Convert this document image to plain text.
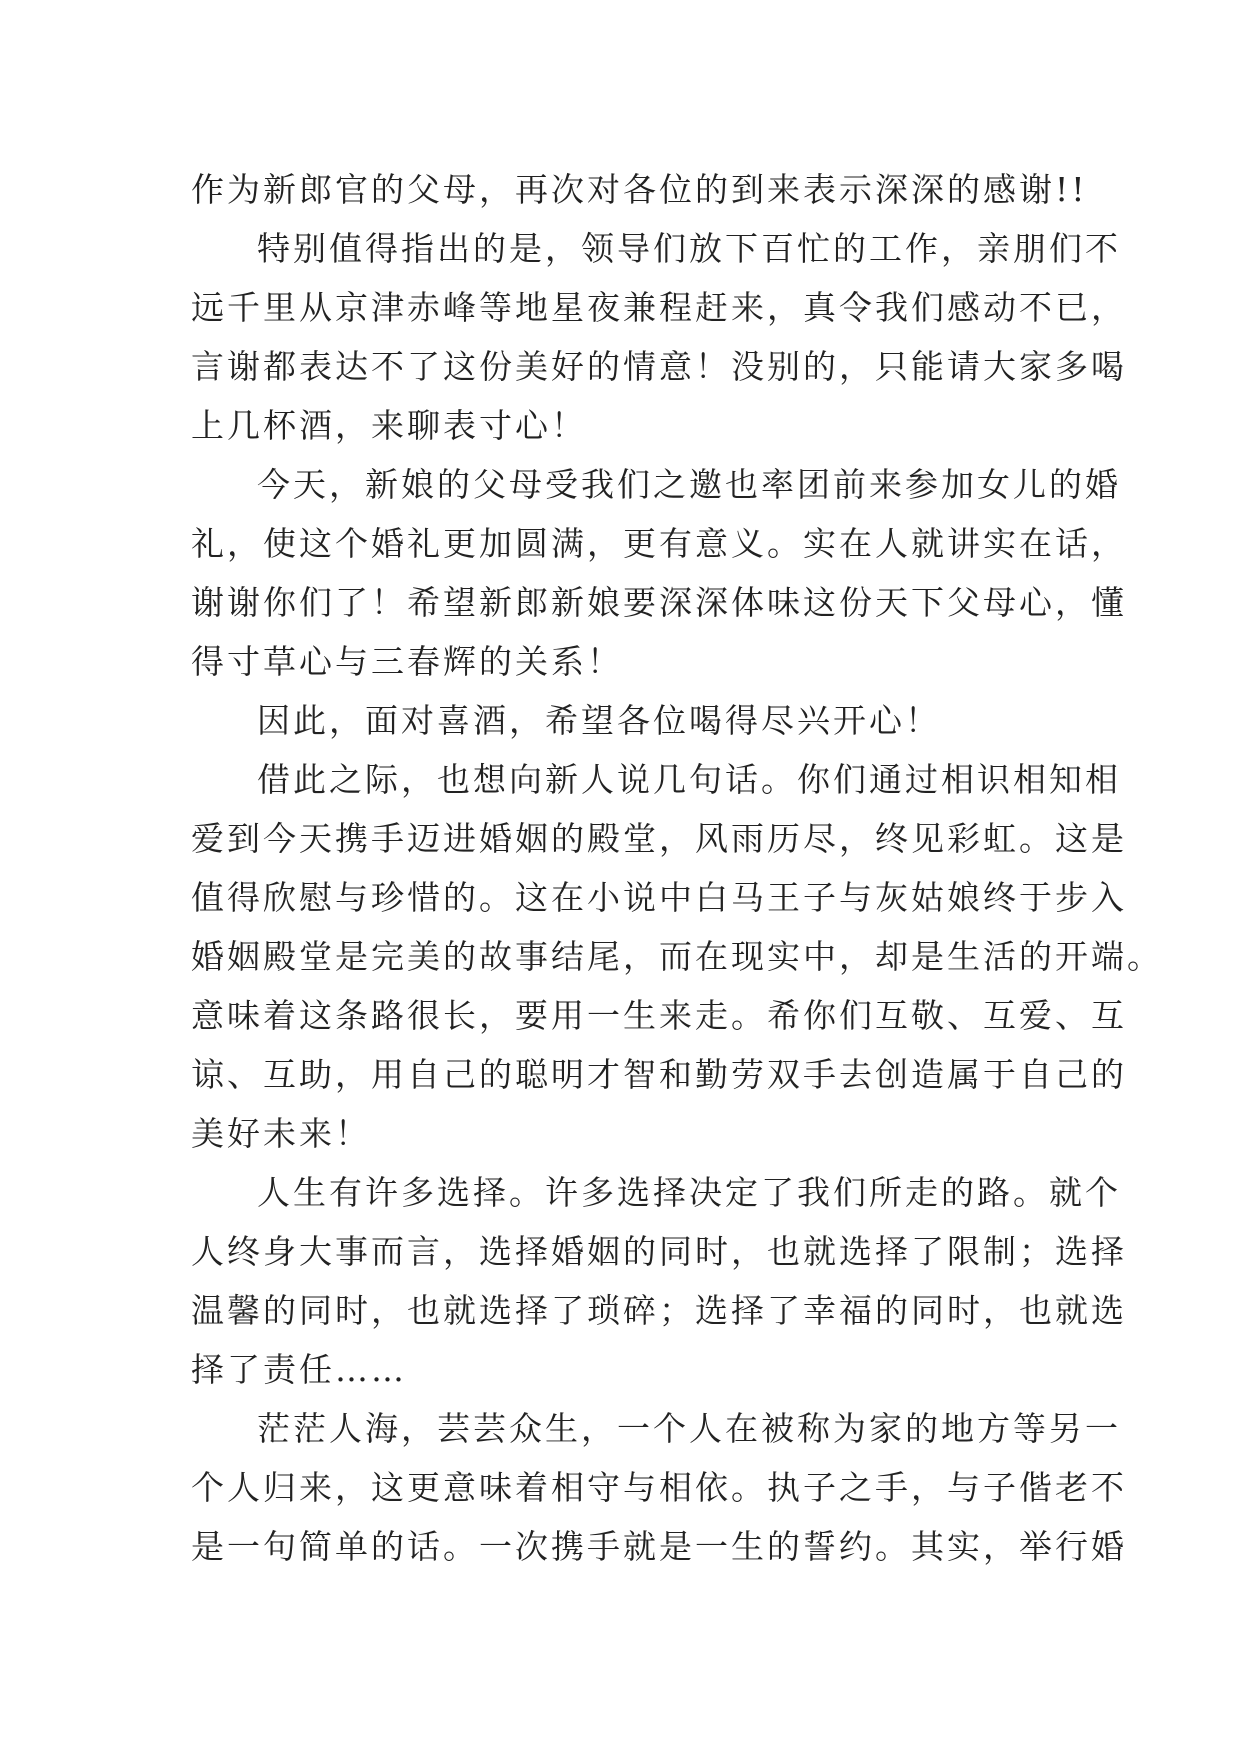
作为新郎官的父母，再次对各位的到来表示深深的感谢!!
特别值得指出的是，领导们放下百忙的工作，亲朋们不
远千里从京津赤峰等地星夜兼程赶来，真令我们感动不已，
言谢都表达不了这份美好的情意！没别的，只能请大家多喝
上几杯酒，来聊表寸心！
今天，新娘的父母受我们之邀也率团前来参加女儿的婚
礼，使这个婚礼更加圆满，更有意义。实在人就讲实在话，
谢谢你们了！希望新郎新娘要深深体味这份天下父母心，懂
得寸草心与三春辉的关系！
因此，面对喜酒，希望各位喝得尽兴开心！
借此之际，也想向新人说几句话。你们通过相识相知相
爱到今天携手迈进婚姻的殿堂，风雨历尽，终见彩虹。这是
值得欣慰与珍惜的。这在小说中白马王子与灰姑娘终于步入
婚姻殿堂是完美的故事结尾，而在现实中，却是生活的开端。
意味着这条路很长，要用一生来走。希你们互敬、互爱、互
谅、互助，用自己的聪明才智和勤劳双手去创造属于自己的
美好未来！
人生有许多选择。许多选择决定了我们所走的路。就个
人终身大事而言，选择婚姻的同时，也就选择了限制；选择
温馨的同时，也就选择了琐碎；选择了幸福的同时，也就选
择了责任……
茫茫人海，芸芸众生，一个人在被称为家的地方等另一
个人归来，这更意味着相守与相依。执子之手，与子偕老不
是一句简单的话。一次携手就是一生的誓约。其实，举行婚
